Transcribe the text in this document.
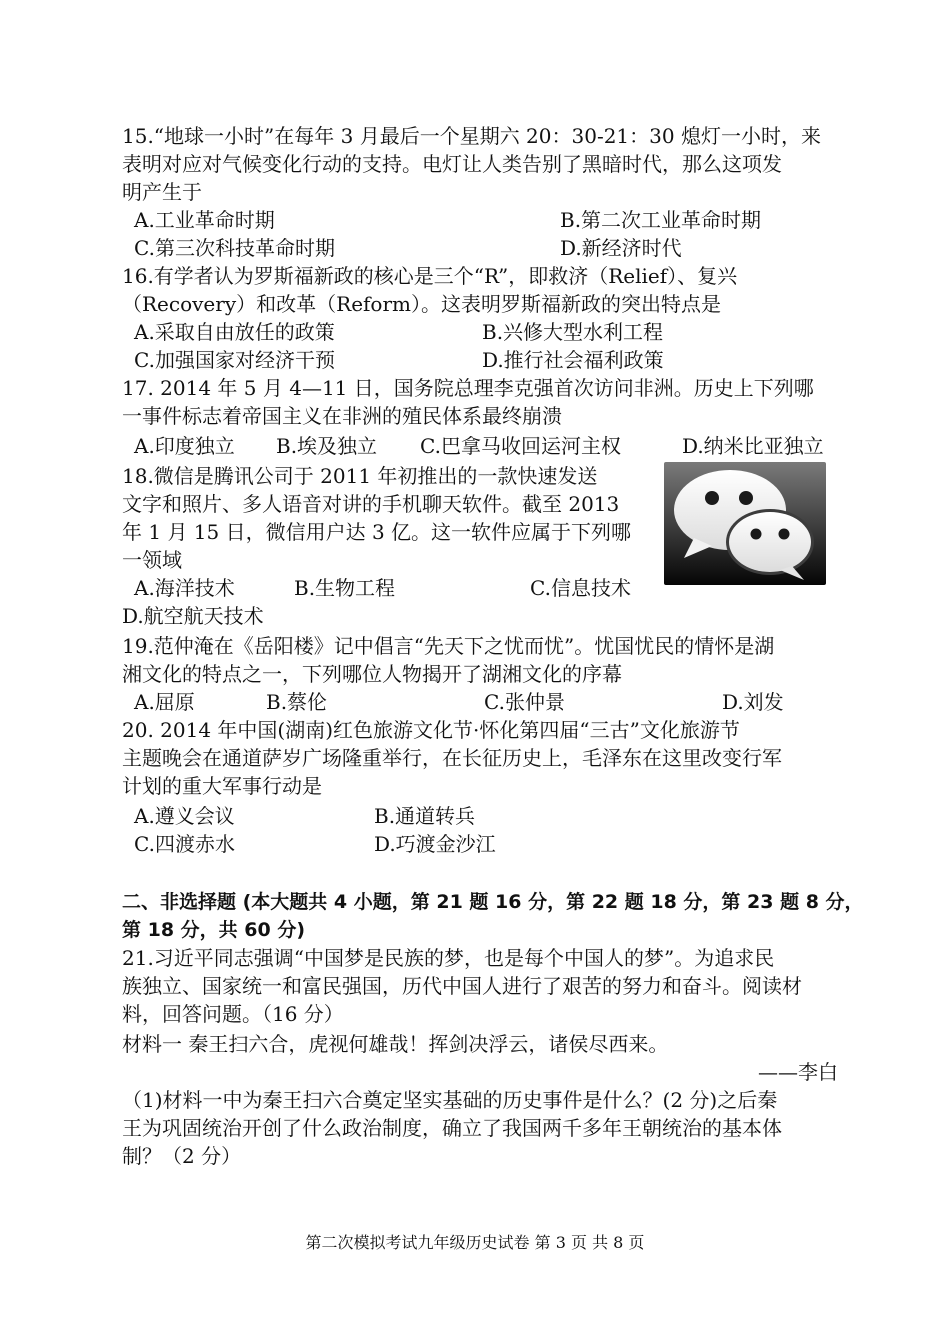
15.“地球一小时”在每年 3 月最后一个星期六 20：30-21：30 熄灯一小时，来
表明对应对气候变化行动的支持。电灯让人类告别了黑暗时代，那么这项发
明产生于
A.工业革命时期	B.第二次工业革命时期
C.第三次科技革命时期	D.新经济时代
16.有学者认为罗斯福新政的核心是三个“R”，即救济（Relief）、复兴
（Recovery）和改革（Reform）。这表明罗斯福新政的突出特点是
A.采取自由放任的政策	B.兴修大型水利工程
C.加强国家对经济干预	D.推行社会福利政策
17. 2014 年 5 月 4—11 日，国务院总理李克强首次访问非洲。历史上下列哪
一事件标志着帝国主义在非洲的殖民体系最终崩溃
A.印度独立 B.埃及独立 C.巴拿马收回运河主权	D.纳米比亚独立
18.微信是腾讯公司于 2011 年初推出的一款快速发送
文字和照片、多人语音对讲的手机聊天软件。截至 2013
年 1 月 15 日，微信用户达 3 亿。这一软件应属于下列哪
一领域
A.海洋技术	B.生物工程	C.信息技术
D.航空航天技术
19.范仲淹在《岳阳楼》记中倡言“先天下之忧而忧”。忧国忧民的情怀是湖
湘文化的特点之一，下列哪位人物揭开了湖湘文化的序幕
A.屈原	B.蔡伦	C.张仲景	D.刘发
20. 2014 年中国(湖南)红色旅游文化节·怀化第四届“三古”文化旅游节
主题晚会在通道萨岁广场隆重举行，在长征历史上，毛泽东在这里改变行军
计划的重大军事行动是
A.遵义会议	B.通道转兵
C.四渡赤水	D.巧渡金沙江
二、非选择题 (本大题共 4 小题，第 21 题 16 分，第 22 题 18 分，第 23 题 8 分，
第 18 分，共 60 分)
21.习近平同志强调“中国梦是民族的梦，也是每个中国人的梦”。为追求民
族独立、国家统一和富民强国，历代中国人进行了艰苦的努力和奋斗。阅读材
料，回答问题。（16 分）
材料一 秦王扫六合，虎视何雄哉！挥剑决浮云，诸侯尽西来。
——李白
（1)材料一中为秦王扫六合奠定坚实基础的历史事件是什么？(2 分)之后秦
王为巩固统治开创了什么政治制度，确立了我国两千多年王朝统治的基本体
制？（2 分）
第二次模拟考试九年级历史试卷 第 3 页 共 8 页
